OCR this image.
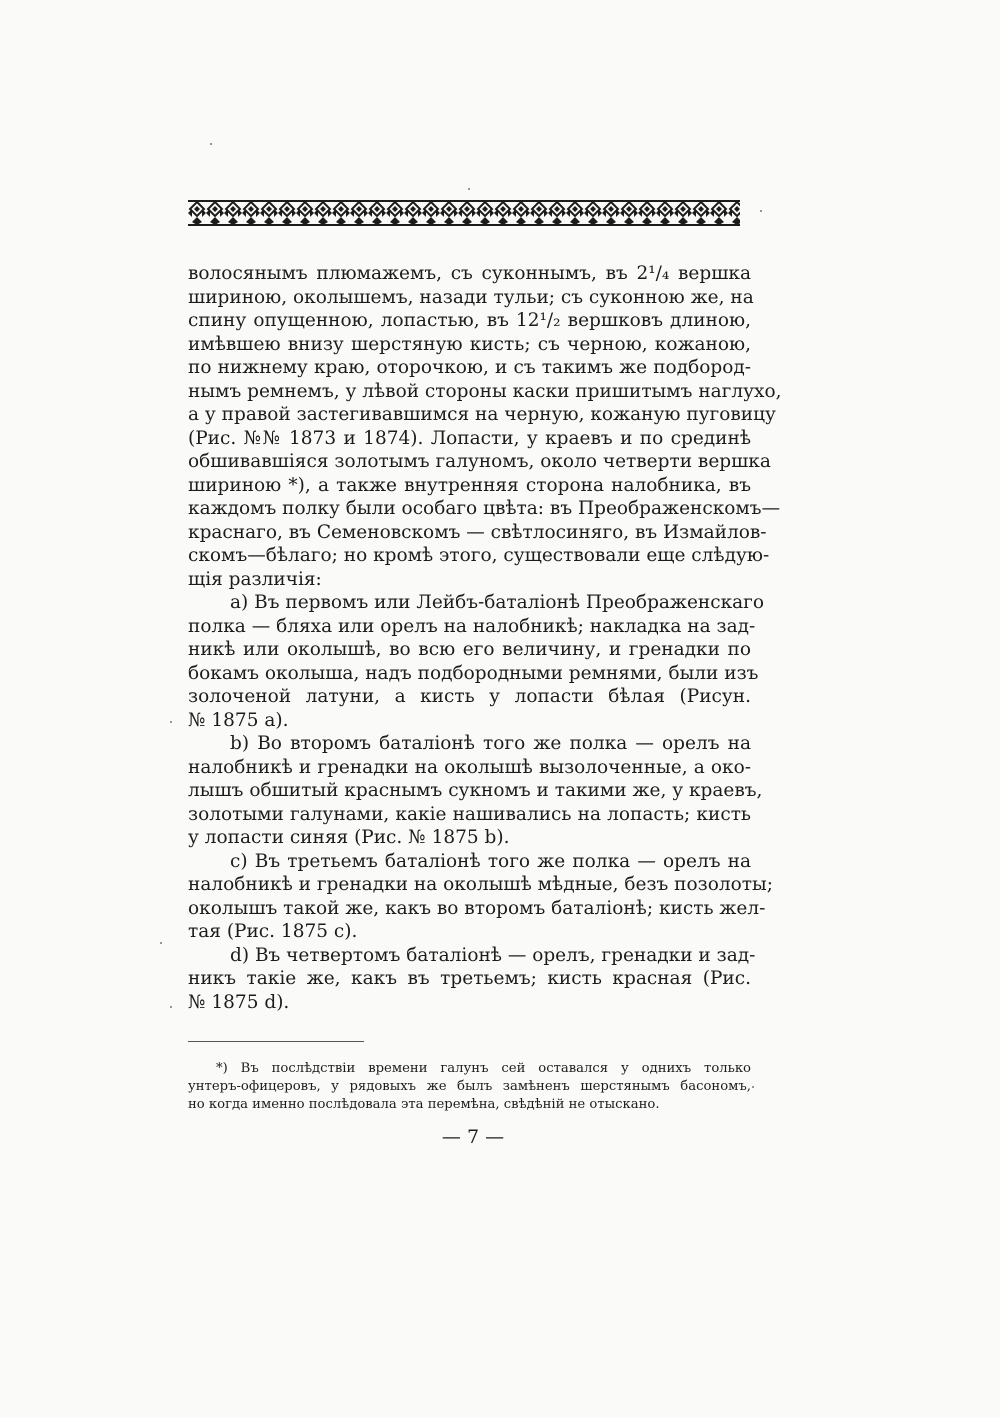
волосянымъ плюмажемъ, съ суконнымъ, въ 2¹/₄ вершка
шириною, околышемъ, назади тульи; съ суконною же, на
спину опущенною, лопастью, въ 12¹/₂ вершковъ длиною,
имѣвшею внизу шерстяную кисть; съ черною, кожаною,
по нижнему краю, оторочкою, и съ такимъ же подбород-
нымъ ремнемъ, у лѣвой стороны каски пришитымъ наглухо,
а у правой застегивавшимся на черную, кожаную пуговицу
(Рис. №№ 1873 и 1874). Лопасти, у краевъ и по срединѣ
обшивавшіяся золотымъ галуномъ, около четверти вершка
шириною *), а также внутренняя сторона налобника, въ
каждомъ полку были особаго цвѣта: въ Преображенскомъ—
краснаго, въ Семеновскомъ — свѣтлосиняго, въ Измайлов-
скомъ—бѣлаго; но кромѣ этого, существовали еще слѣдую-
щія различія:

a) Въ первомъ или Лейбъ-баталіонѣ Преображенскаго
полка — бляха или орелъ на налобникѣ; накладка на зад-
никѣ или околышѣ, во всю его величину, и гренадки по
бокамъ околыша, надъ подбородными ремнями, были изъ
золоченой латуни, а кисть у лопасти бѣлая (Рисун.
№ 1875 a).

b) Во второмъ баталіонѣ того же полка — орелъ на
налобникѣ и гренадки на околышѣ вызолоченные, а око-
лышъ обшитый краснымъ сукномъ и такими же, у краевъ,
золотыми галунами, какіе нашивались на лопасть; кисть
у лопасти синяя (Рис. № 1875 b).

c) Въ третьемъ баталіонѣ того же полка — орелъ на
налобникѣ и гренадки на околышѣ мѣдные, безъ позолоты;
околышъ такой же, какъ во второмъ баталіонѣ; кисть жел-
тая (Рис. 1875 c).

d) Въ четвертомъ баталіонѣ — орелъ, гренадки и зад-
никъ такіе же, какъ въ третьемъ; кисть красная (Рис.
№ 1875 d).

*) Въ послѣдствіи времени галунъ сей оставался у однихъ только
унтеръ-офицеровъ, у рядовыхъ же былъ замѣненъ шерстянымъ басономъ,
но когда именно послѣдовала эта перемѣна, свѣдѣній не отыскано.
— 7 —
